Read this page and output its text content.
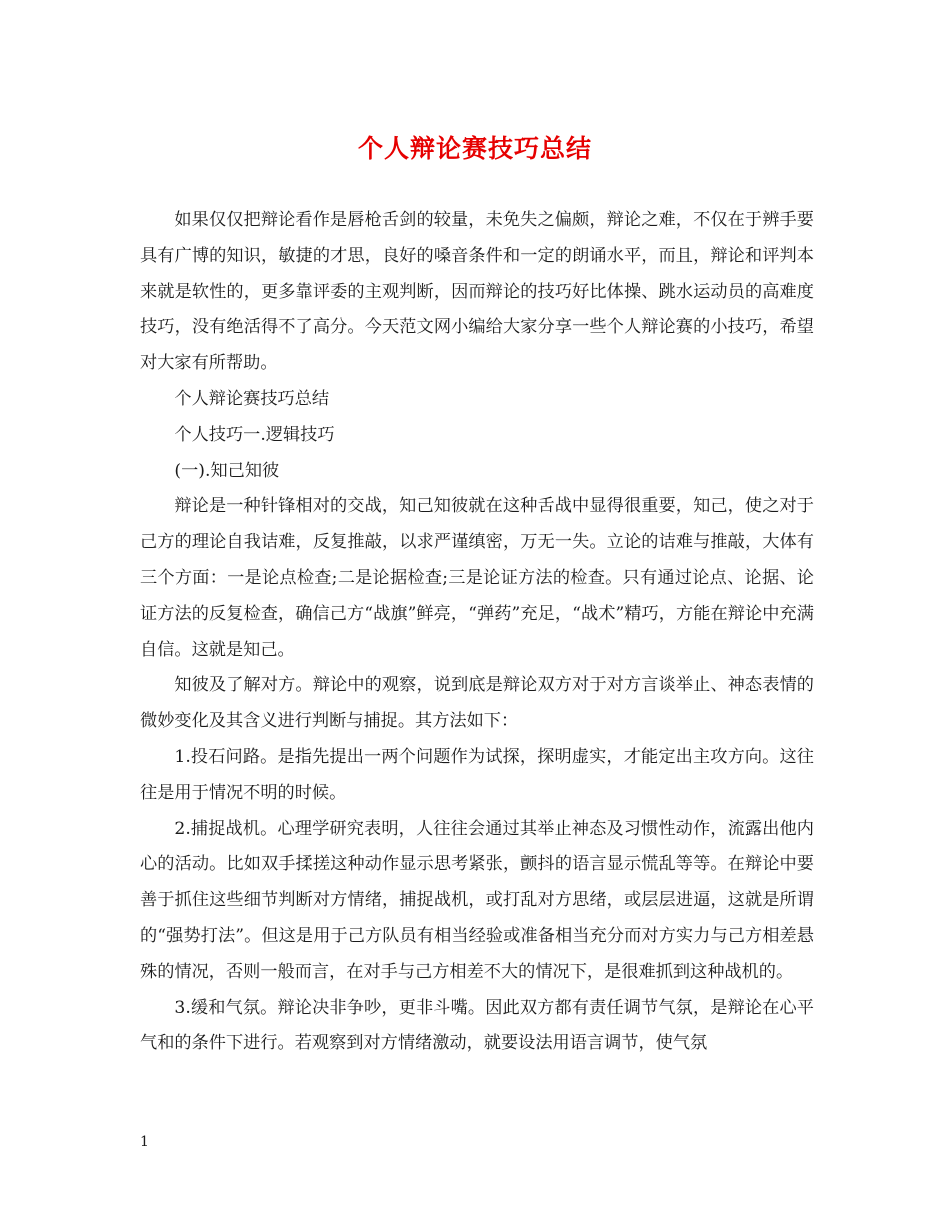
个人辩论赛技巧总结

如果仅仅把辩论看作是唇枪舌剑的较量，未免失之偏颇，辩论之难，不仅在于辨手要具有广博的知识，敏捷的才思，良好的嗓音条件和一定的朗诵水平，而且，辩论和评判本来就是软性的，更多靠评委的主观判断，因而辩论的技巧好比体操、跳水运动员的高难度技巧，没有绝活得不了高分。今天范文网小编给大家分享一些个人辩论赛的小技巧，希望对大家有所帮助。

个人辩论赛技巧总结

个人技巧一.逻辑技巧

(一).知己知彼

辩论是一种针锋相对的交战，知己知彼就在这种舌战中显得很重要，知己，使之对于己方的理论自我诘难，反复推敲，以求严谨缜密，万无一失。立论的诘难与推敲，大体有三个方面：一是论点检查;二是论据检查;三是论证方法的检查。只有通过论点、论据、论证方法的反复检查，确信己方“战旗”鲜亮，“弹药”充足，“战术”精巧，方能在辩论中充满自信。这就是知己。

知彼及了解对方。辩论中的观察，说到底是辩论双方对于对方言谈举止、神态表情的微妙变化及其含义进行判断与捕捉。其方法如下：

1.投石问路。是指先提出一两个问题作为试探，探明虚实，才能定出主攻方向。这往往是用于情况不明的时候。

2.捕捉战机。心理学研究表明，人往往会通过其举止神态及习惯性动作，流露出他内心的活动。比如双手揉搓这种动作显示思考紧张，颤抖的语言显示慌乱等等。在辩论中要善于抓住这些细节判断对方情绪，捕捉战机，或打乱对方思绪，或层层进逼，这就是所谓的“强势打法”。但这是用于己方队员有相当经验或准备相当充分而对方实力与己方相差悬殊的情况，否则一般而言，在对手与己方相差不大的情况下，是很难抓到这种战机的。

3.缓和气氛。辩论决非争吵，更非斗嘴。因此双方都有责任调节气氛，是辩论在心平气和的条件下进行。若观察到对方情绪激动，就要设法用语言调节，使气氛

1
